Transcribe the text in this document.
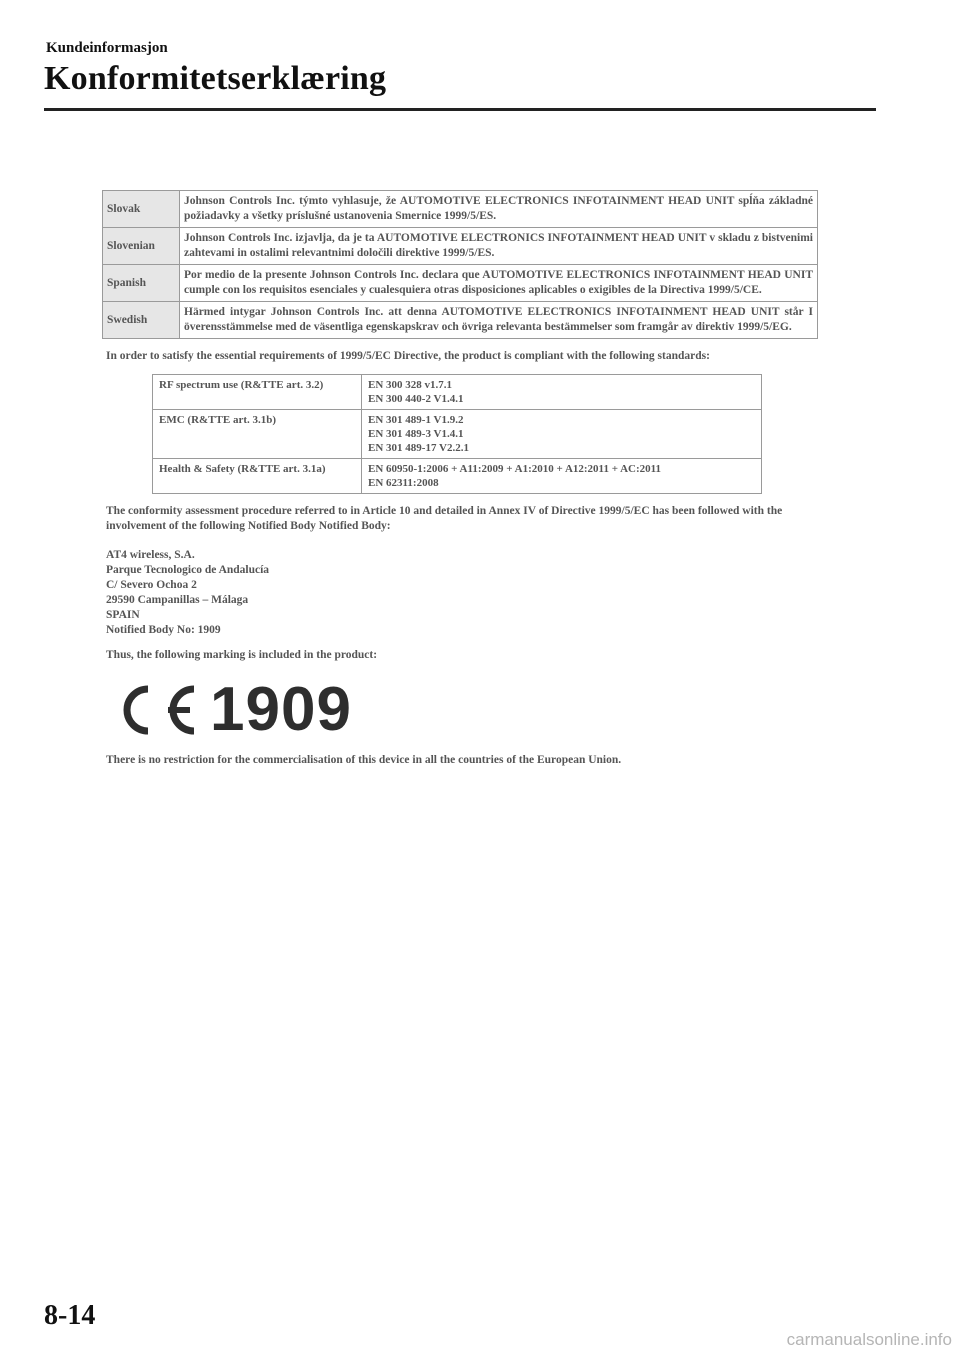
Kundeinformasjon
Konformitetserklæring
Slovak	Johnson Controls Inc. týmto vyhlasuje, že AUTOMOTIVE ELECTRONICS INFOTAINMENT HEAD UNIT spĺňa základné požiadavky a všetky príslušné ustanovenia Smernice 1999/5/ES.
Slovenian	Johnson Controls Inc. izjavlja, da je ta AUTOMOTIVE ELECTRONICS INFOTAINMENT HEAD UNIT v skladu z bistvenimi zahtevami in ostalimi relevantnimi določili direktive 1999/5/ES.
Spanish	Por medio de la presente Johnson Controls Inc. declara que AUTOMOTIVE ELECTRONICS INFOTAINMENT HEAD UNIT cumple con los requisitos esenciales y cualesquiera otras disposiciones aplicables o exigibles de la Directiva 1999/5/CE.
Swedish	Härmed intygar Johnson Controls Inc. att denna AUTOMOTIVE ELECTRONICS INFOTAINMENT HEAD UNIT står I överensstämmelse med de väsentliga egenskapskrav och övriga relevanta bestämmelser som framgår av direktiv 1999/5/EG.
In order to satisfy the essential requirements of 1999/5/EC Directive, the product is compliant with the following standards:
RF spectrum use (R&TTE art. 3.2)	EN 300 328 v1.7.1
EN 300 440-2 V1.4.1

EMC (R&TTE art. 3.1b)	EN 301 489-1 V1.9.2
EN 301 489-3 V1.4.1
EN 301 489-17 V2.2.1

Health & Safety (R&TTE art. 3.1a)	EN 60950-1:2006 + A11:2009 + A1:2010 + A12:2011 + AC:2011
EN 62311:2008
The conformity assessment procedure referred to in Article 10 and detailed in Annex IV of Directive 1999/5/EC has been followed with the involvement of the following Notified Body Notified Body:
AT4 wireless, S.A.
Parque Tecnologico de Andalucía
C/ Severo Ochoa 2
29590 Campanillas – Málaga
SPAIN
Notified Body No: 1909
Thus, the following marking is included in the product:
1909
There is no restriction for the commercialisation of this device in all the countries of the European Union.
8-14
carmanualsonline.info
